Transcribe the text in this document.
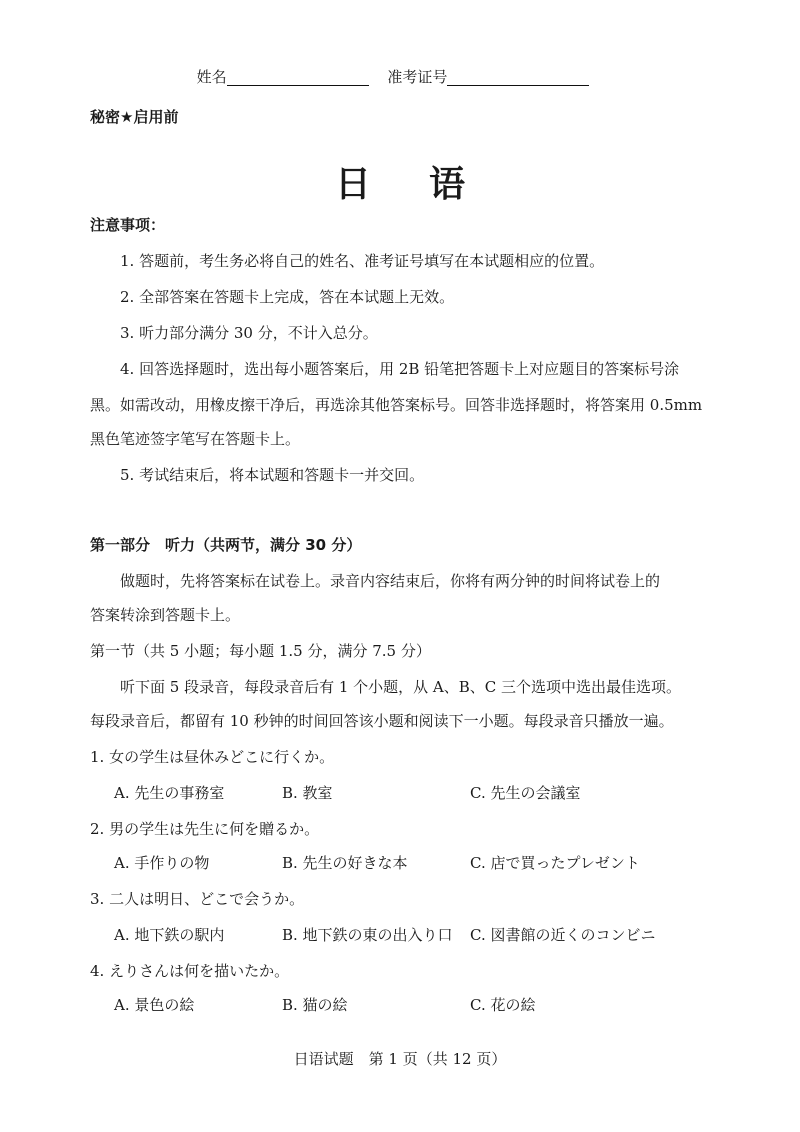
姓名	准考证号
秘密★启用前
日语
注意事项：
1. 答题前，考生务必将自己的姓名、准考证号填写在本试题相应的位置。
2. 全部答案在答题卡上完成，答在本试题上无效。
3. 听力部分满分 30 分，不计入总分。
4. 回答选择题时，选出每小题答案后，用 2B 铅笔把答题卡上对应题目的答案标号涂
黑。如需改动，用橡皮擦干净后，再选涂其他答案标号。回答非选择题时，将答案用 0.5mm
黑色笔迹签字笔写在答题卡上。
5. 考试结束后，将本试题和答题卡一并交回。
第一部分　听力（共两节，满分 30 分）
做题时，先将答案标在试卷上。录音内容结束后，你将有两分钟的时间将试卷上的
答案转涂到答题卡上。
第一节（共 5 小题；每小题 1.5 分，满分 7.5 分）
听下面 5 段录音，每段录音后有 1 个小题，从 A、B、C 三个选项中选出最佳选项。
每段录音后，都留有 10 秒钟的时间回答该小题和阅读下一小题。每段录音只播放一遍。
1. 女の学生は昼休みどこに行くか。
A. 先生の事務室	B. 教室	C. 先生の会議室
2. 男の学生は先生に何を贈るか。
A. 手作りの物	B. 先生の好きな本	C. 店で買ったプレゼント
3. 二人は明日、どこで会うか。
A. 地下鉄の駅内	B. 地下鉄の東の出入り口 C. 図書館の近くのコンビニ
4. えりさんは何を描いたか。
A. 景色の絵	B. 猫の絵	C. 花の絵
日语试题　第 1 页（共 12 页）
